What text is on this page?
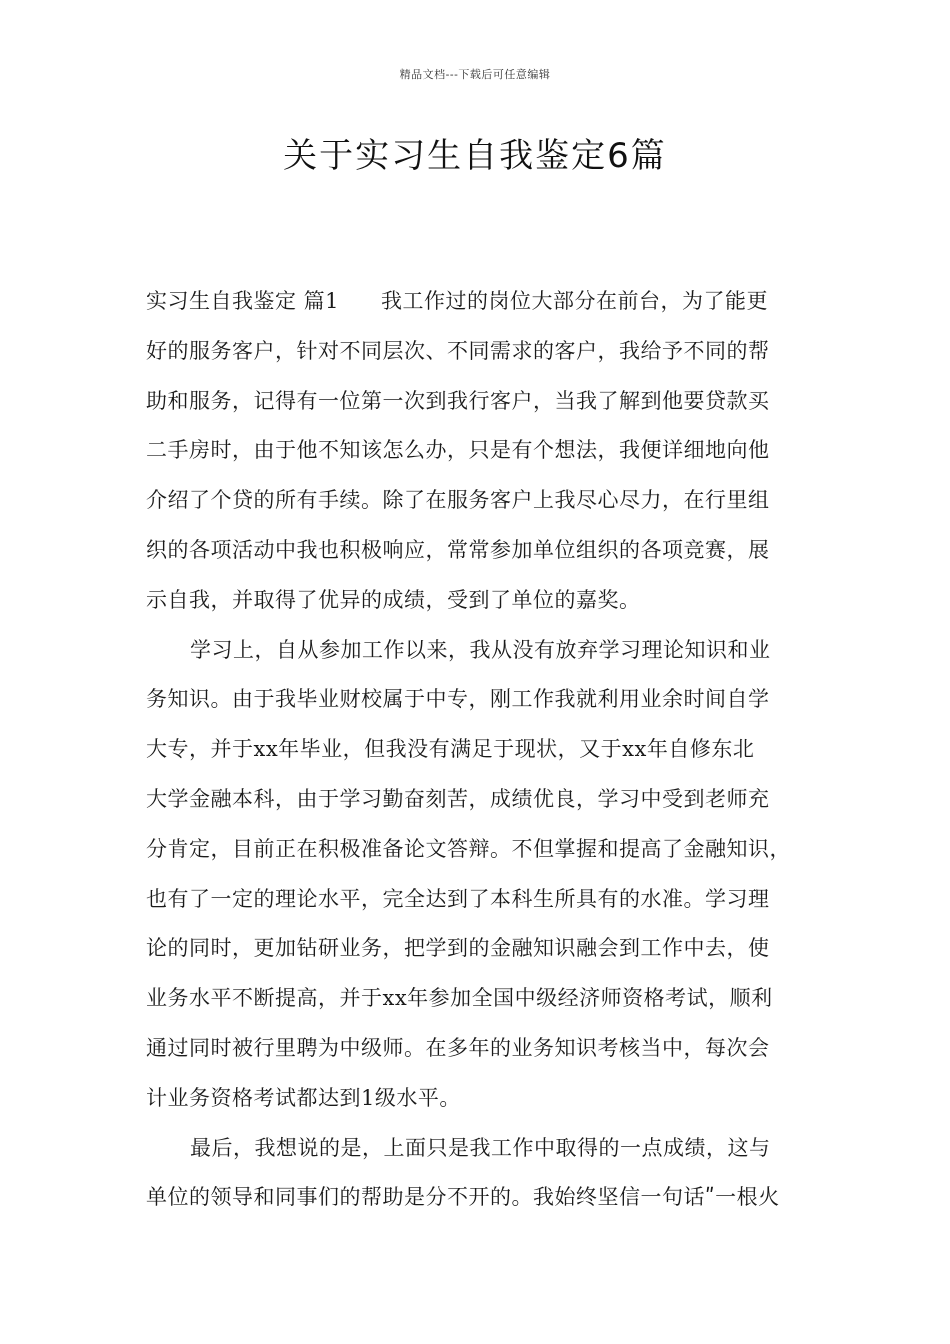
精品文档---下载后可任意编辑
关于实习生自我鉴定6篇
实习生自我鉴定 篇1 我工作过的岗位大部分在前台，为了能更
好的服务客户，针对不同层次、不同需求的客户，我给予不同的帮
助和服务，记得有一位第一次到我行客户，当我了解到他要贷款买
二手房时，由于他不知该怎么办，只是有个想法，我便详细地向他
介绍了个贷的所有手续。除了在服务客户上我尽心尽力，在行里组
织的各项活动中我也积极响应，常常参加单位组织的各项竞赛，展
示自我，并取得了优异的成绩，受到了单位的嘉奖。
学习上，自从参加工作以来，我从没有放弃学习理论知识和业
务知识。由于我毕业财校属于中专，刚工作我就利用业余时间自学
大专，并于xx年毕业，但我没有满足于现状，又于xx年自修东北
大学金融本科，由于学习勤奋刻苦，成绩优良，学习中受到老师充
分肯定，目前正在积极准备论文答辩。不但掌握和提高了金融知识，
也有了一定的理论水平，完全达到了本科生所具有的水准。学习理
论的同时，更加钻研业务，把学到的金融知识融会到工作中去，使
业务水平不断提高，并于xx年参加全国中级经济师资格考试，顺利
通过同时被行里聘为中级师。在多年的业务知识考核当中，每次会
计业务资格考试都达到1级水平。
最后，我想说的是，上面只是我工作中取得的一点成绩，这与
单位的领导和同事们的帮助是分不开的。我始终坚信一句话ʺ一根火
